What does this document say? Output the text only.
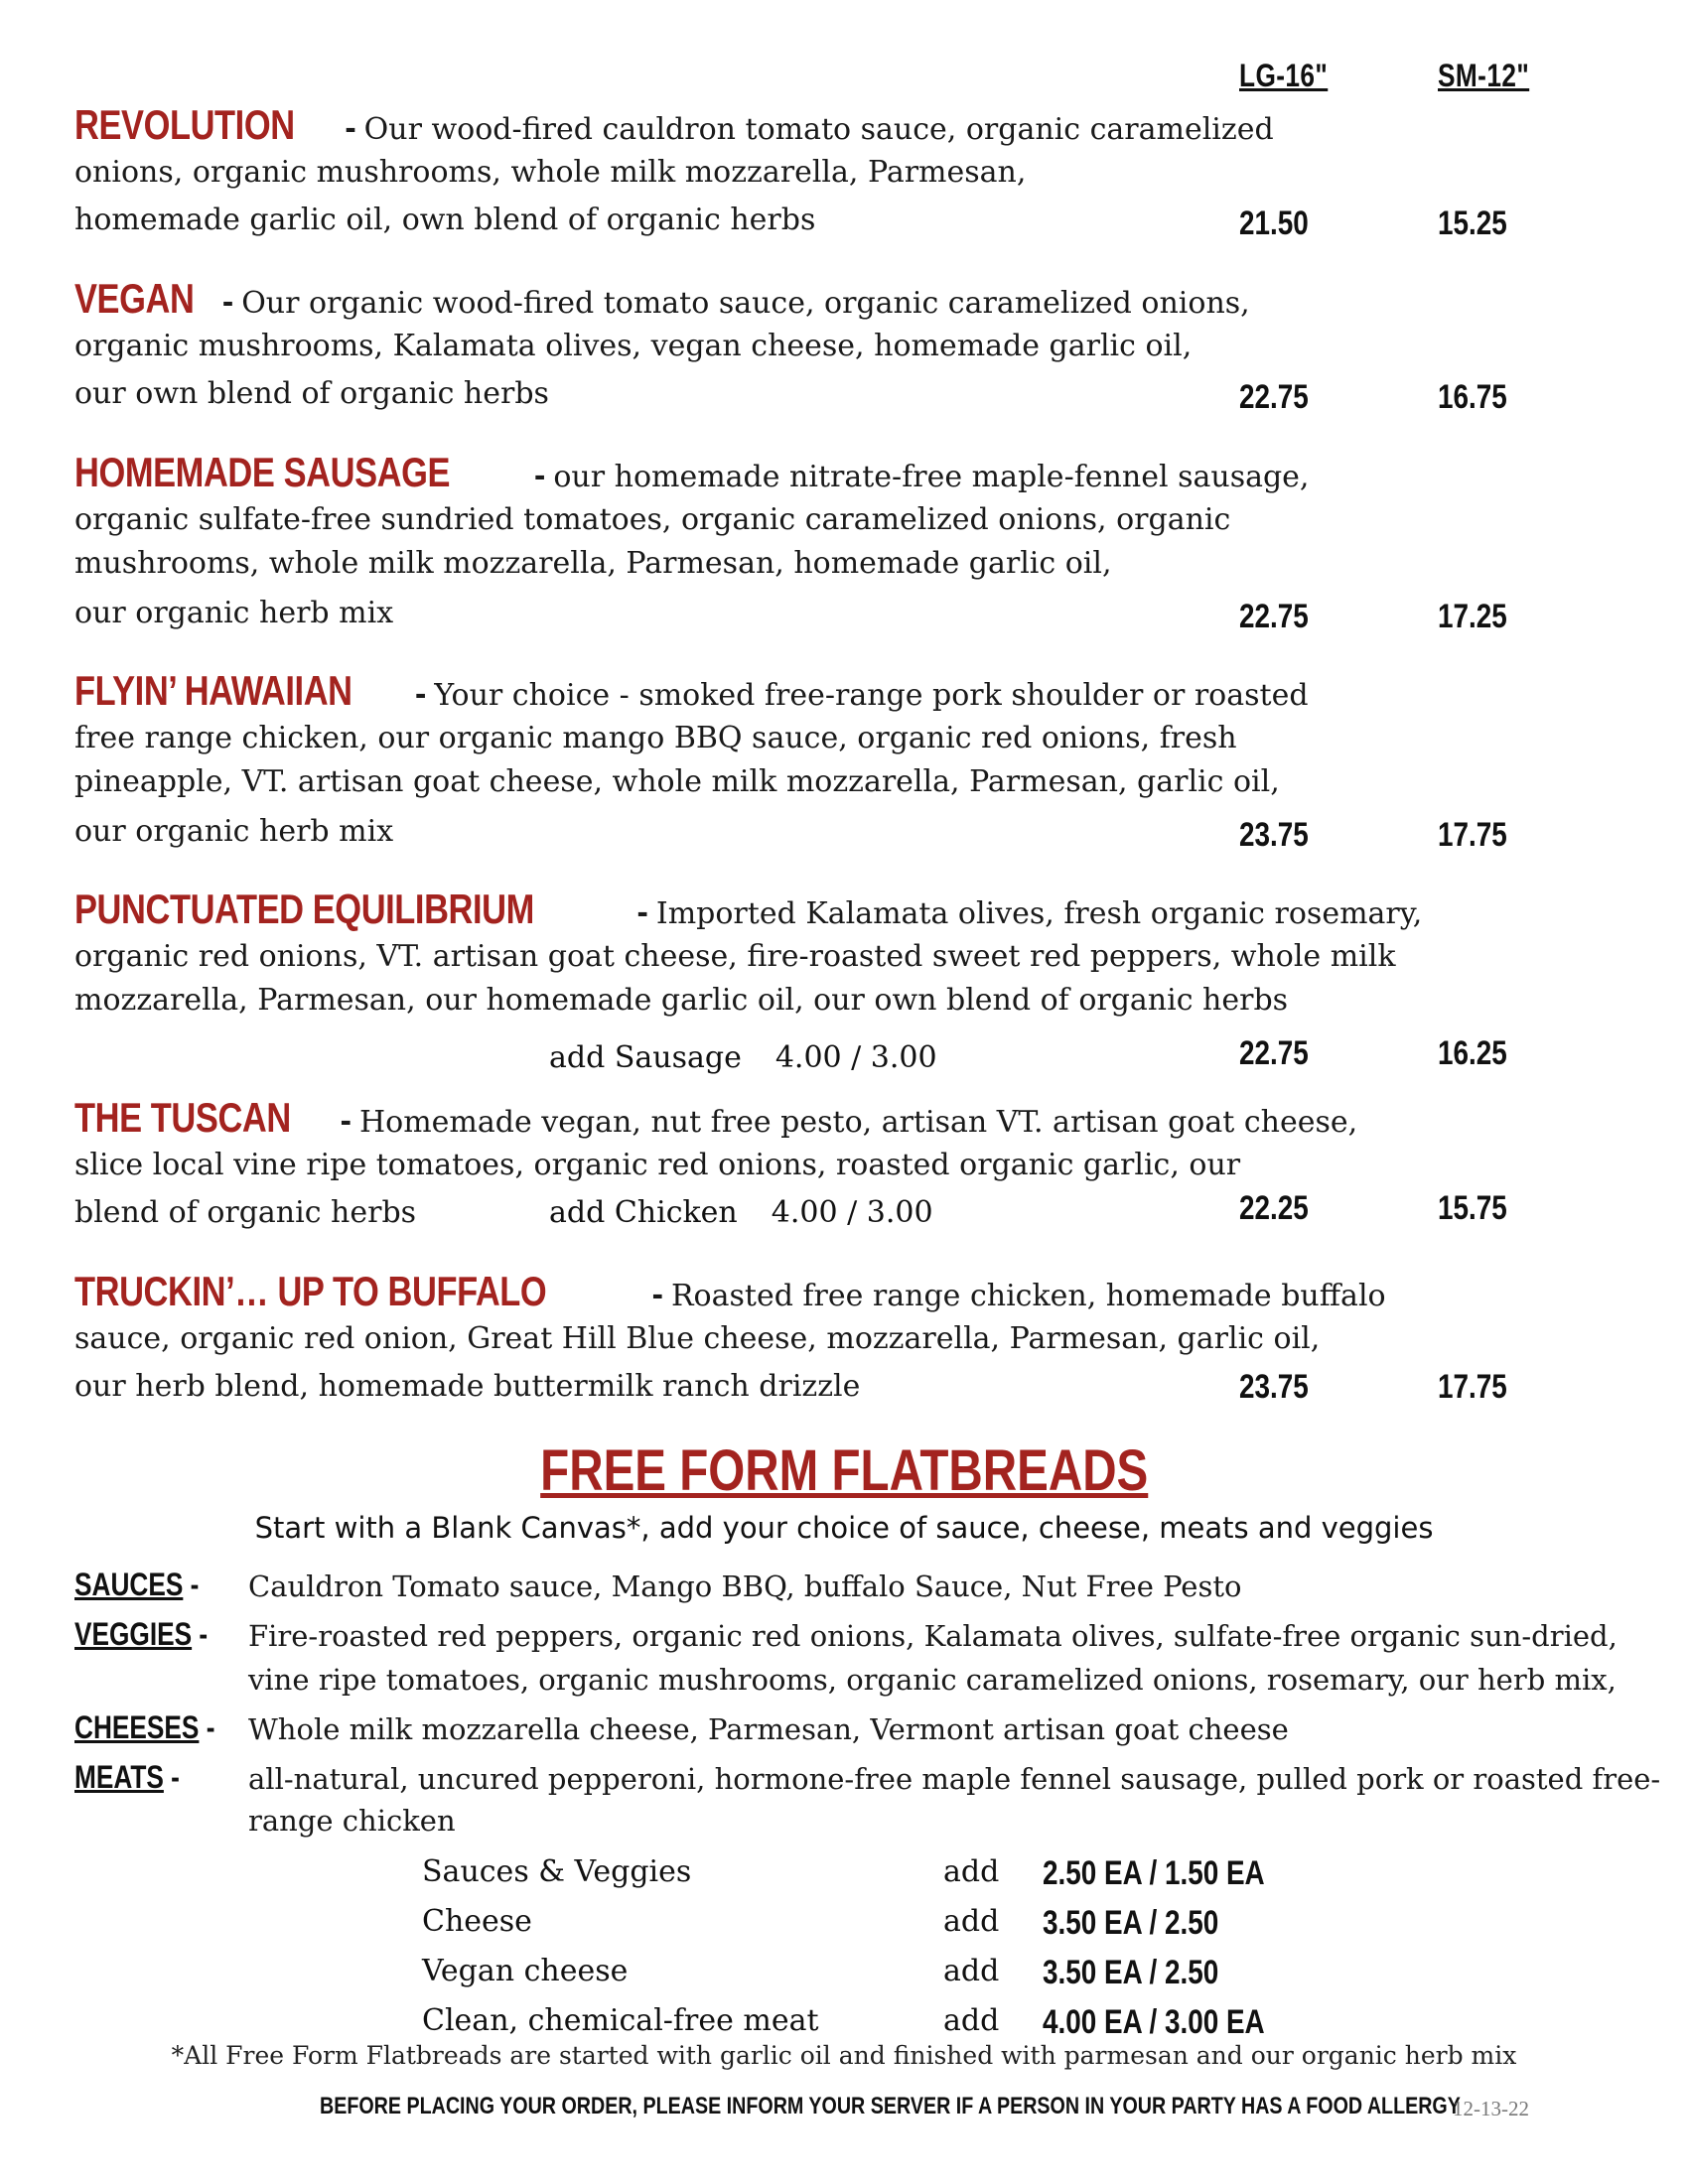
LG-16"	SM-12"
REVOLUTION - Our wood-fired cauldron tomato sauce, organic caramelized
onions, organic mushrooms, whole milk mozzarella, Parmesan,
homemade garlic oil, own blend of organic herbs	21.50	15.25
VEGAN - Our organic wood-fired tomato sauce, organic caramelized onions,
organic mushrooms, Kalamata olives, vegan cheese, homemade garlic oil,
our own blend of organic herbs	22.75	16.75
HOMEMADE SAUSAGE - our homemade nitrate-free maple-fennel sausage,
organic sulfate-free sundried tomatoes, organic caramelized onions, organic
mushrooms, whole milk mozzarella, Parmesan, homemade garlic oil,
our organic herb mix	22.75	17.25
FLYIN’ HAWAIIAN - Your choice - smoked free-range pork shoulder or roasted
free range chicken, our organic mango BBQ sauce, organic red onions, fresh
pineapple, VT. artisan goat cheese, whole milk mozzarella, Parmesan, garlic oil,
our organic herb mix	23.75	17.75
PUNCTUATED EQUILIBRIUM	- Imported Kalamata olives, fresh organic rosemary,
organic red onions, VT. artisan goat cheese, fire-roasted sweet red peppers, whole milk
mozzarella, Parmesan, our homemade garlic oil, our own blend of organic herbs
add Sausage 4.00 / 3.00	22.75	16.25
THE TUSCAN - Homemade vegan, nut free pesto, artisan VT. artisan goat cheese,
slice local vine ripe tomatoes, organic red onions, roasted organic garlic, our
blend of organic herbs	add Chicken 4.00 / 3.00	22.25	15.75
TRUCKIN’… UP TO BUFFALO	- Roasted free range chicken, homemade buffalo
sauce, organic red onion, Great Hill Blue cheese, mozzarella, Parmesan, garlic oil,
our herb blend, homemade buttermilk ranch drizzle	23.75	17.75
FREE FORM FLATBREADS
Start with a Blank Canvas*, add your choice of sauce, cheese, meats and veggies
SAUCES - Cauldron Tomato sauce, Mango BBQ, buffalo Sauce, Nut Free Pesto
VEGGIES - Fire-roasted red peppers, organic red onions, Kalamata olives, sulfate-free organic sun-dried,
vine ripe tomatoes, organic mushrooms, organic caramelized onions, rosemary, our herb mix,
CHEESES - Whole milk mozzarella cheese, Parmesan, Vermont artisan goat cheese
MEATS - all-natural, uncured pepperoni, hormone-free maple fennel sausage, pulled pork or roasted free-
range chicken
Sauces & Veggies	add 2.50 EA / 1.50 EA
Cheese	add 3.50 EA / 2.50
Vegan cheese	add 3.50 EA / 2.50
Clean, chemical-free meat	add 4.00 EA / 3.00 EA
*All Free Form Flatbreads are started with garlic oil and finished with parmesan and our organic herb mix
BEFORE PLACING YOUR ORDER, PLEASE INFORM YOUR SERVER IF A PERSON IN YOUR PARTY HAS A FOOD ALLERGY
12-13-22
